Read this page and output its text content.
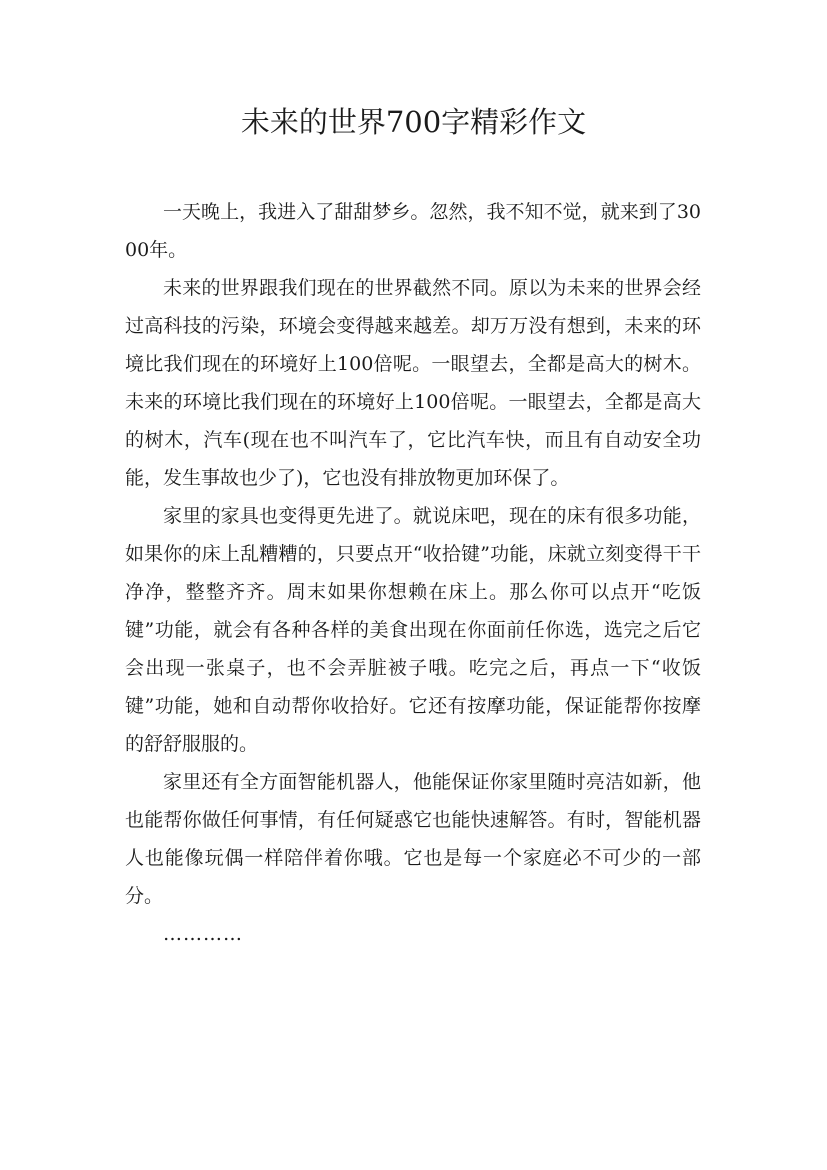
未来的世界700字精彩作文

一天晚上，我进入了甜甜梦乡。忽然，我不知不觉，就来到了3000年。

未来的世界跟我们现在的世界截然不同。原以为未来的世界会经过高科技的污染，环境会变得越来越差。却万万没有想到，未来的环境比我们现在的环境好上100倍呢。一眼望去，全都是高大的树木。未来的环境比我们现在的环境好上100倍呢。一眼望去，全都是高大的树木，汽车(现在也不叫汽车了，它比汽车快，而且有自动安全功能，发生事故也少了)，它也没有排放物更加环保了。

家里的家具也变得更先进了。就说床吧，现在的床有很多功能，如果你的床上乱糟糟的，只要点开“收拾键”功能，床就立刻变得干干净净，整整齐齐。周末如果你想赖在床上。那么你可以点开“吃饭键”功能，就会有各种各样的美食出现在你面前任你选，选完之后它会出现一张桌子，也不会弄脏被子哦。吃完之后，再点一下“收饭键”功能，她和自动帮你收拾好。它还有按摩功能，保证能帮你按摩的舒舒服服的。

家里还有全方面智能机器人，他能保证你家里随时亮洁如新，他也能帮你做任何事情，有任何疑惑它也能快速解答。有时，智能机器人也能像玩偶一样陪伴着你哦。它也是每一个家庭必不可少的一部分。

…………
